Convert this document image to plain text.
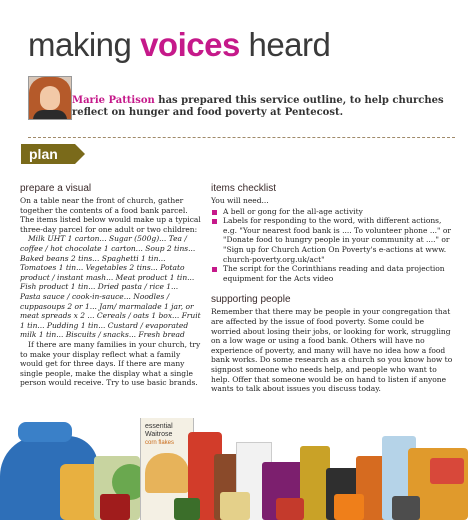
making voices heard
Marie Pattison has prepared this service outline, to help churches reflect on hunger and food poverty at Pentecost.
plan
prepare a visual

On a table near the front of church, gather together the contents of a food bank parcel. The items listed below would make up a typical three-day parcel for one adult or two children:

Milk UHT 1 carton... Sugar (500g)... Tea / coffee / hot chocolate 1 carton... Soup 2 tins... Baked beans 2 tins... Spaghetti 1 tin... Tomatoes 1 tin... Vegetables 2 tins... Potato product / instant mash... Meat product 1 tin... Fish product 1 tin... Dried pasta / rice 1... Pasta sauce / cook-in-sauce... Noodles / cuppasoups 2 or 1... Jam/ marmalade 1 jar, or meat spreads x 2 ... Cereals / oats 1 box... Fruit 1 tin... Pudding 1 tin... Custard / evaporated milk 1 tin... Biscuits / snacks... Fresh bread

If there are many families in your church, try to make your display reflect what a family would get for three days. If there are many single people, make the display what a single person would receive. Try to use basic brands.

items checklist

You will need...

A bell or gong for the all-age activity
Labels for responding to the word, with different actions, e.g. "Your nearest food bank is .... To volunteer phone ..." or "Donate food to hungry people in your community at ...." or "Sign up for Church Action On Poverty's e-actions at www. church-poverty.org.uk/act"
The script for the Corinthians reading and data projection equipment for the Acts video
supporting people

Remember that there may be people in your congregation that are affected by the issue of food poverty. Some could be worried about losing their jobs, or looking for work, struggling on a low wage or using a food bank. Others will have no experience of poverty, and many will have no idea how a food bank works. Do some research as a church so you know how to signpost someone who needs help, and people who want to help. Offer that someone would be on hand to listen if anyone wants to talk about issues you discuss today.

essential
Waitrose
corn flakes
